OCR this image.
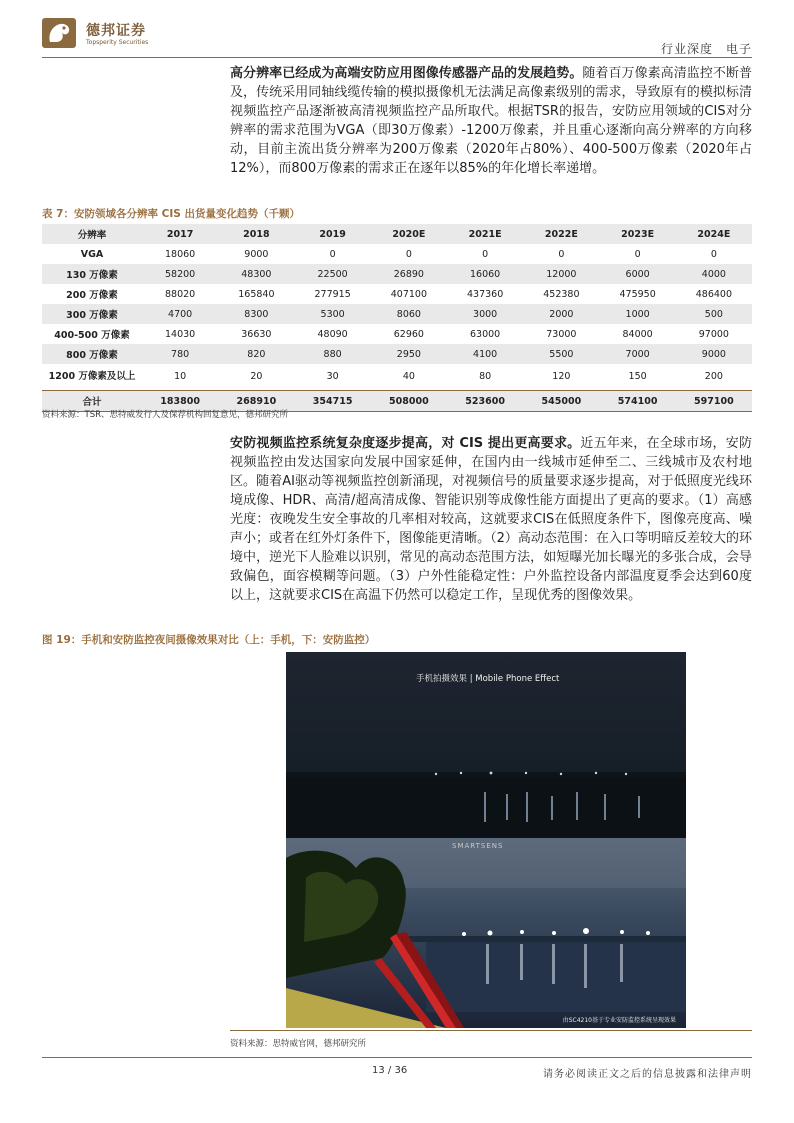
德邦证券
Topsperity Securities	行业深度　电子
高分辨率已经成为高端安防应用图像传感器产品的发展趋势。随着百万像素高清监控不断普及，传统采用同轴线缆传输的模拟摄像机无法满足高像素级别的需求，导致原有的模拟标清视频监控产品逐渐被高清视频监控产品所取代。根据TSR的报告，安防应用领域的CIS对分辨率的需求范围为VGA（即30万像素）-1200万像素，并且重心逐渐向高分辨率的方向移动，目前主流出货分辨率为200万像素（2020年占80%）、400-500万像素（2020年占12%），而800万像素的需求正在逐年以85%的年化增长率递增。
表 7：安防领域各分辨率 CIS 出货量变化趋势（千颗）
分辨率	2017	2018	2019	2020E	2021E	2022E	2023E	2024E
VGA	18060	9000	0	0	0	0	0	0
130 万像素	58200	48300	22500	26890	16060	12000	6000	4000
200 万像素	88020	165840	277915	407100	437360	452380	475950	486400
300 万像素	4700	8300	5300	8060	3000	2000	1000	500
400-500 万像素	14030	36630	48090	62960	63000	73000	84000	97000
800 万像素	780	820	880	2950	4100	5500	7000	9000
1200 万像素及以上	10	20	30	40	80	120	150	200
合计	183800	268910	354715	508000	523600	545000	574100	597100
资料来源：TSR、思特威发行人及保荐机构回复意见，德邦研究所
安防视频监控系统复杂度逐步提高，对 CIS 提出更高要求。近五年来，在全球市场，安防视频监控由发达国家向发展中国家延伸，在国内由一线城市延伸至二、三线城市及农村地区。随着AI驱动等视频监控创新涌现，对视频信号的质量要求逐步提高，对于低照度光线环境成像、HDR、高清/超高清成像、智能识别等成像性能方面提出了更高的要求。（1）高感光度：夜晚发生安全事故的几率相对较高，这就要求CIS在低照度条件下，图像亮度高、噪声小；或者在红外灯条件下，图像能更清晰。（2）高动态范围：在入口等明暗反差较大的环境中，逆光下人脸难以识别，常见的高动态范围方法，如短曝光加长曝光的多张合成，会导致偏色，面容模糊等问题。（3）户外性能稳定性：户外监控设备内部温度夏季会达到60度以上，这就要求CIS在高温下仍然可以稳定工作，呈现优秀的图像效果。
图 19：手机和安防监控夜间摄像效果对比（上：手机，下：安防监控）
手机拍摄效果 | Mobile Phone Effect
由SC4210基于专业安防监控系统呈现效果
SMARTSENS
资料来源：思特威官网，德邦研究所
13 / 36	请务必阅读正文之后的信息披露和法律声明
